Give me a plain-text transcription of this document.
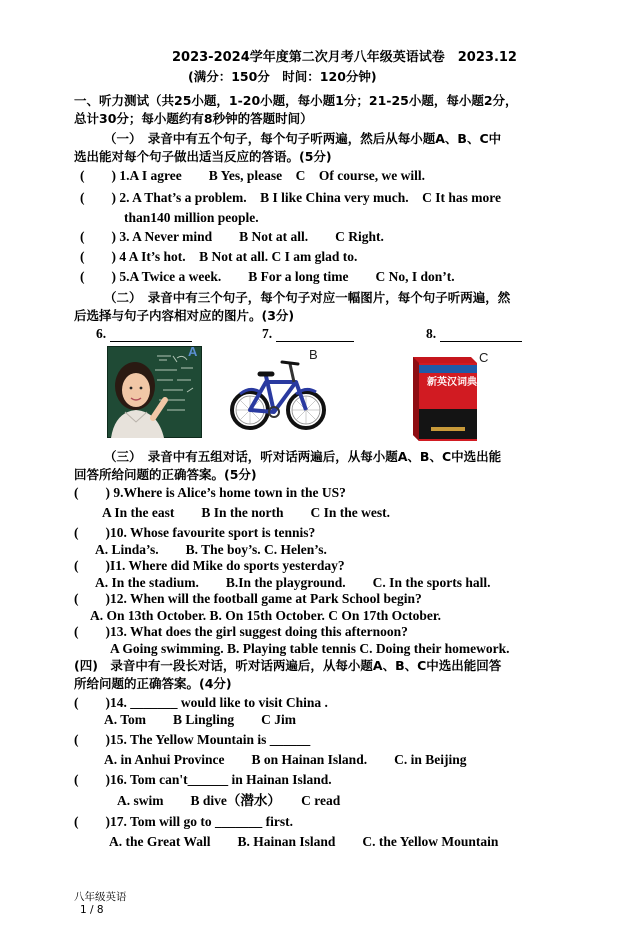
2023-2024学年度第二次月考八年级英语试卷　2023.12
(满分：150分　时间：120分钟)
一、听力测试（共25小题，1-20小题，每小题1分；21-25小题，每小题2分，
总计30分；每小题约有8秒钟的答题时间）
（一）　录音中有五个句子，每个句子听两遍，然后从每小题A、B、C中
选出能对每个句子做出适当反应的答语。(5分)
(　　) 1.A I agree　　B Yes, please　C　Of course, we will.
(　　) 2. A That’s a problem.　B I like China very much.　C It has more
than140 million people.
(　　) 3. A Never mind　　B Not at all.　　C Right.
(　　) 4 A It’s hot.　B Not at all. C I am glad to.
(　　) 5.A Twice a week.　　B For a long time　　C No, I don’t.
（二）　录音中有三个句子，每个句子对应一幅图片，每个句子听两遍，然
后选择与句子内容相对应的图片。(3分)
6.	7.	8.
A	B
新英汉词典
C
（三）　录音中有五组对话，听对话两遍后，从每小题A、B、C中选出能
回答所给问题的正确答案。(5分)
(　　) 9.Where is Alice’s home town in the US?
A In the east　　B In the north　　C In the west.
(　　)10. Whose favourite sport is tennis?
A. Linda’s.　　B. The boy’s. C. Helen’s.
(　　)I1. Where did Mike do sports yesterday?
A. In the stadium.　　B.In the playground.　　C. In the sports hall.
(　　)12. When will the football game at Park School begin?
A. On 13th October. B. On 15th October. C On 17th October.
(　　)13. What does the girl suggest doing this afternoon?
A Going swimming. B. Playing table tennis C. Doing their homework.
(四)　录音中有一段长对话，听对话两遍后，从每小题A、B、C中选出能回答
所给问题的正确答案。(4分)
(　　)14. _______ would like to visit China .
A. Tom　　B Lingling　　C Jim
(　　)15. The Yellow Mountain is ______
A. in Anhui Province　　B on Hainan Island.　　C. in Beijing
(　　)16. Tom can't______ in Hainan Island.
A. swim　　B dive（潜水）　　C read
(　　)17. Tom will go to _______ first.
A. the Great Wall　　B. Hainan Island　　C. the Yellow Mountain
八年级英语
1 / 8
